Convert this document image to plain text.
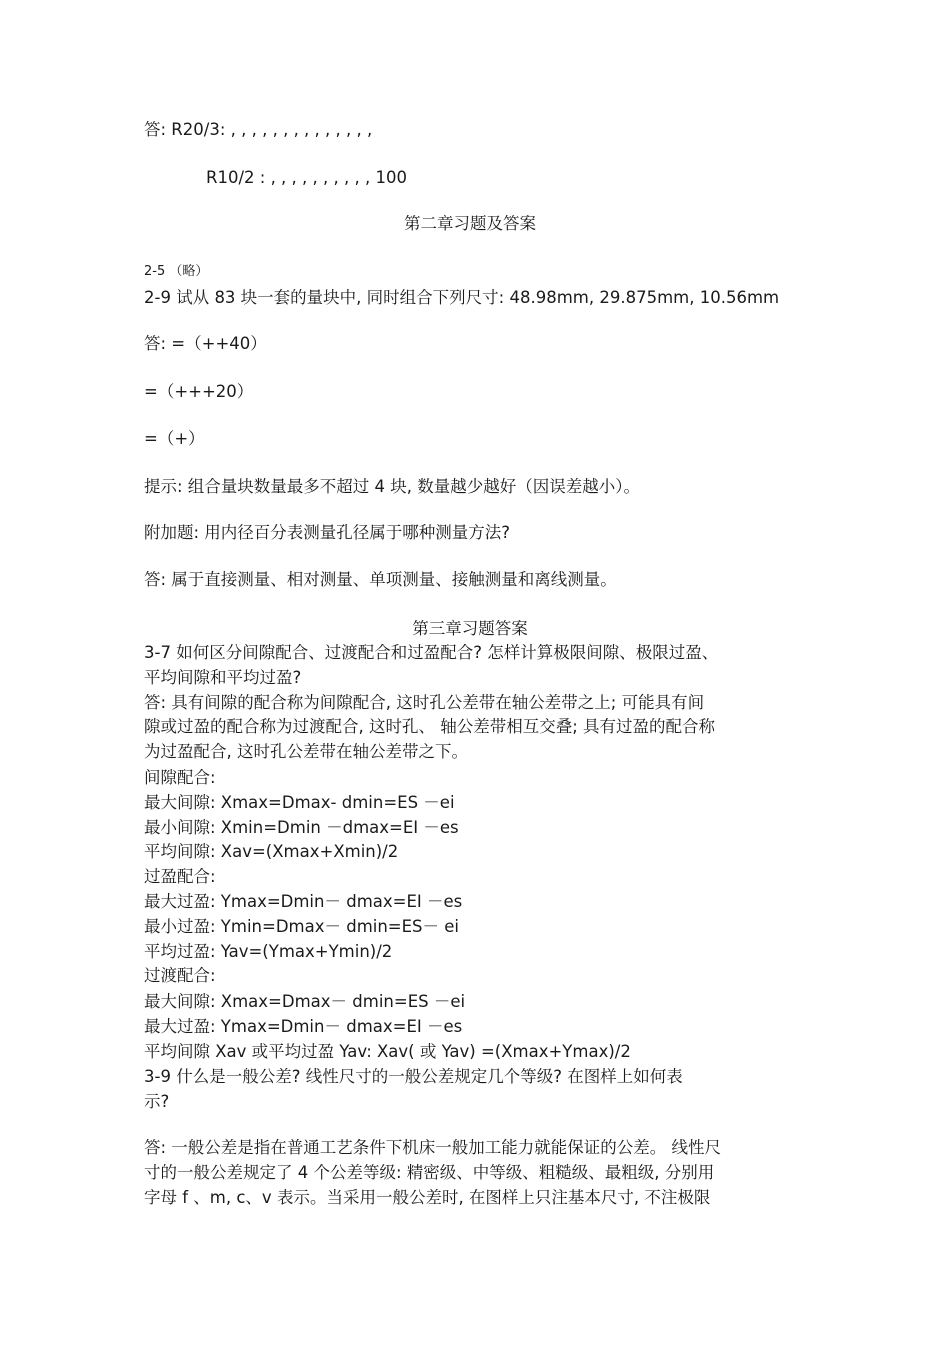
答: R20/3: , , , , , , , , , , , , , ,
R10/2 : , , , , , , , , , , 100
第二章习题及答案
2-5 （略）
2-9 试从 83 块一套的量块中, 同时组合下列尺寸: 48.98mm, 29.875mm, 10.56mm
答: =（++40）
=（+++20）
=（+）
提示: 组合量块数量最多不超过 4 块, 数量越少越好（因误差越小）。
附加题: 用内径百分表测量孔径属于哪种测量方法?
答: 属于直接测量、相对测量、单项测量、接触测量和离线测量。
第三章习题答案
3-7 如何区分间隙配合、过渡配合和过盈配合? 怎样计算极限间隙、极限过盈、
平均间隙和平均过盈?
答: 具有间隙的配合称为间隙配合, 这时孔公差带在轴公差带之上; 可能具有间
隙或过盈的配合称为过渡配合, 这时孔、 轴公差带相互交叠; 具有过盈的配合称
为过盈配合, 这时孔公差带在轴公差带之下。
间隙配合:
最大间隙: Xmax=Dmax- dmin=ES －ei
最小间隙: Xmin=Dmin －dmax=EI －es
平均间隙: Xav=(Xmax+Xmin)/2
过盈配合:
最大过盈: Ymax=Dmin－ dmax=EI －es
最小过盈: Ymin=Dmax－ dmin=ES－ ei
平均过盈: Yav=(Ymax+Ymin)/2
过渡配合:
最大间隙: Xmax=Dmax－ dmin=ES －ei
最大过盈: Ymax=Dmin－ dmax=EI －es
平均间隙 Xav 或平均过盈 Yav: Xav( 或 Yav) =(Xmax+Ymax)/2
3-9 什么是一般公差? 线性尺寸的一般公差规定几个等级? 在图样上如何表
示?
答: 一般公差是指在普通工艺条件下机床一般加工能力就能保证的公差。 线性尺
寸的一般公差规定了 4 个公差等级: 精密级、中等级、粗糙级、最粗级, 分别用
字母 f 、m, c、v 表示。当采用一般公差时, 在图样上只注基本尺寸, 不注极限
